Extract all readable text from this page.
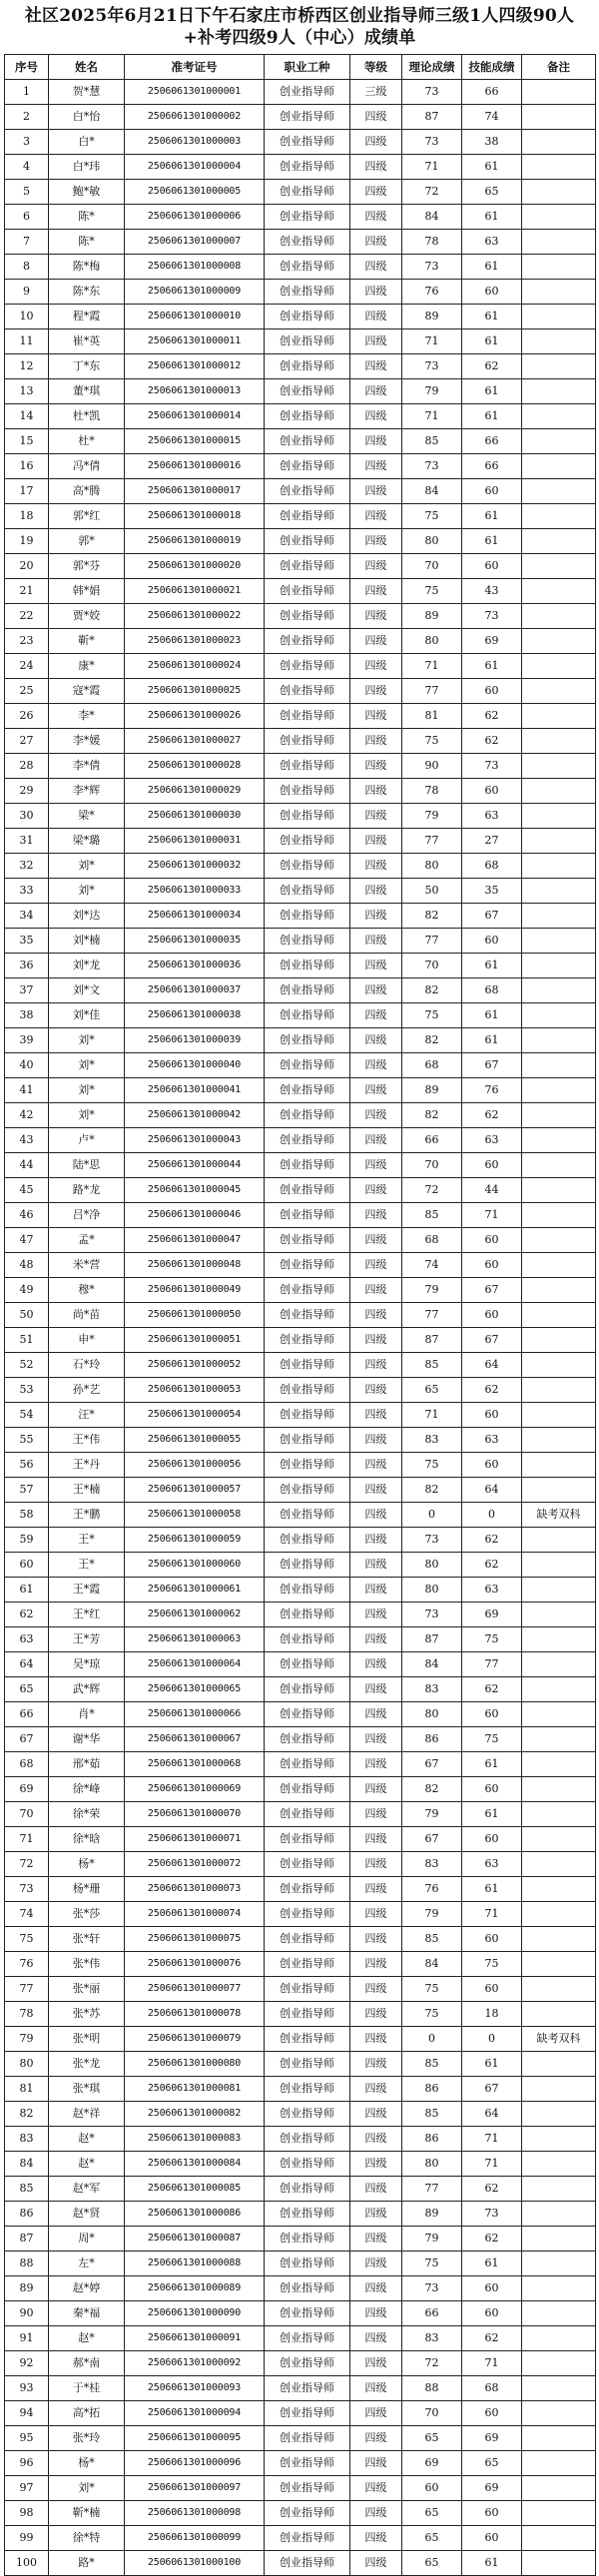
社区2025年6月21日下午石家庄市桥西区创业指导师三级1人四级90人
+补考四级9人（中心）成绩单
序号	姓名	准考证号	职业工种	等级	理论成绩	技能成绩	备注
1	贺*慧	2506061301000001	创业指导师	三级	73	66	
2	白*怡	2506061301000002	创业指导师	四级	87	74	
3	白*	2506061301000003	创业指导师	四级	73	38	
4	白*玮	2506061301000004	创业指导师	四级	71	61	
5	鲍*敏	2506061301000005	创业指导师	四级	72	65	
6	陈*	2506061301000006	创业指导师	四级	84	61	
7	陈*	2506061301000007	创业指导师	四级	78	63	
8	陈*梅	2506061301000008	创业指导师	四级	73	61	
9	陈*东	2506061301000009	创业指导师	四级	76	60	
10	程*霞	2506061301000010	创业指导师	四级	89	61	
11	崔*英	2506061301000011	创业指导师	四级	71	61	
12	丁*东	2506061301000012	创业指导师	四级	73	62	
13	董*琪	2506061301000013	创业指导师	四级	79	61	
14	杜*凯	2506061301000014	创业指导师	四级	71	61	
15	杜*	2506061301000015	创业指导师	四级	85	66	
16	冯*倩	2506061301000016	创业指导师	四级	73	66	
17	高*腾	2506061301000017	创业指导师	四级	84	60	
18	郭*红	2506061301000018	创业指导师	四级	75	61	
19	郭*	2506061301000019	创业指导师	四级	80	61	
20	郭*芬	2506061301000020	创业指导师	四级	70	60	
21	韩*娟	2506061301000021	创业指导师	四级	75	43	
22	贾*姣	2506061301000022	创业指导师	四级	89	73	
23	靳*	2506061301000023	创业指导师	四级	80	69	
24	康*	2506061301000024	创业指导师	四级	71	61	
25	寇*霞	2506061301000025	创业指导师	四级	77	60	
26	李*	2506061301000026	创业指导师	四级	81	62	
27	李*媛	2506061301000027	创业指导师	四级	75	62	
28	李*倩	2506061301000028	创业指导师	四级	90	73	
29	李*辉	2506061301000029	创业指导师	四级	78	60	
30	梁*	2506061301000030	创业指导师	四级	79	63	
31	梁*璐	2506061301000031	创业指导师	四级	77	27	
32	刘*	2506061301000032	创业指导师	四级	80	68	
33	刘*	2506061301000033	创业指导师	四级	50	35	
34	刘*达	2506061301000034	创业指导师	四级	82	67	
35	刘*楠	2506061301000035	创业指导师	四级	77	60	
36	刘*龙	2506061301000036	创业指导师	四级	70	61	
37	刘*文	2506061301000037	创业指导师	四级	82	68	
38	刘*佳	2506061301000038	创业指导师	四级	75	61	
39	刘*	2506061301000039	创业指导师	四级	82	61	
40	刘*	2506061301000040	创业指导师	四级	68	67	
41	刘*	2506061301000041	创业指导师	四级	89	76	
42	刘*	2506061301000042	创业指导师	四级	82	62	
43	卢*	2506061301000043	创业指导师	四级	66	63	
44	陆*思	2506061301000044	创业指导师	四级	70	60	
45	路*龙	2506061301000045	创业指导师	四级	72	44	
46	吕*净	2506061301000046	创业指导师	四级	85	71	
47	孟*	2506061301000047	创业指导师	四级	68	60	
48	米*营	2506061301000048	创业指导师	四级	74	60	
49	穆*	2506061301000049	创业指导师	四级	79	67	
50	尚*苗	2506061301000050	创业指导师	四级	77	60	
51	申*	2506061301000051	创业指导师	四级	87	67	
52	石*玲	2506061301000052	创业指导师	四级	85	64	
53	孙*艺	2506061301000053	创业指导师	四级	65	62	
54	汪*	2506061301000054	创业指导师	四级	71	60	
55	王*伟	2506061301000055	创业指导师	四级	83	63	
56	王*丹	2506061301000056	创业指导师	四级	75	60	
57	王*楠	2506061301000057	创业指导师	四级	82	64	
58	王*鹏	2506061301000058	创业指导师	四级	0	0	缺考双科
59	王*	2506061301000059	创业指导师	四级	73	62	
60	王*	2506061301000060	创业指导师	四级	80	62	
61	王*霞	2506061301000061	创业指导师	四级	80	63	
62	王*红	2506061301000062	创业指导师	四级	73	69	
63	王*芳	2506061301000063	创业指导师	四级	87	75	
64	吴*琼	2506061301000064	创业指导师	四级	84	77	
65	武*辉	2506061301000065	创业指导师	四级	83	62	
66	肖*	2506061301000066	创业指导师	四级	80	60	
67	谢*华	2506061301000067	创业指导师	四级	86	75	
68	邢*茹	2506061301000068	创业指导师	四级	67	61	
69	徐*峰	2506061301000069	创业指导师	四级	82	60	
70	徐*荣	2506061301000070	创业指导师	四级	79	61	
71	徐*晗	2506061301000071	创业指导师	四级	67	60	
72	杨*	2506061301000072	创业指导师	四级	83	63	
73	杨*珊	2506061301000073	创业指导师	四级	76	61	
74	张*莎	2506061301000074	创业指导师	四级	79	71	
75	张*轩	2506061301000075	创业指导师	四级	85	60	
76	张*伟	2506061301000076	创业指导师	四级	84	75	
77	张*丽	2506061301000077	创业指导师	四级	75	60	
78	张*苏	2506061301000078	创业指导师	四级	75	18	
79	张*明	2506061301000079	创业指导师	四级	0	0	缺考双科
80	张*龙	2506061301000080	创业指导师	四级	85	61	
81	张*琪	2506061301000081	创业指导师	四级	86	67	
82	赵*祥	2506061301000082	创业指导师	四级	85	64	
83	赵*	2506061301000083	创业指导师	四级	86	71	
84	赵*	2506061301000084	创业指导师	四级	80	71	
85	赵*军	2506061301000085	创业指导师	四级	77	62	
86	赵*贤	2506061301000086	创业指导师	四级	89	73	
87	周*	2506061301000087	创业指导师	四级	79	62	
88	左*	2506061301000088	创业指导师	四级	75	61	
89	赵*婷	2506061301000089	创业指导师	四级	73	60	
90	秦*福	2506061301000090	创业指导师	四级	66	60	
91	赵*	2506061301000091	创业指导师	四级	83	62	
92	郝*南	2506061301000092	创业指导师	四级	72	71	
93	于*桂	2506061301000093	创业指导师	四级	88	68	
94	高*拓	2506061301000094	创业指导师	四级	70	60	
95	张*玲	2506061301000095	创业指导师	四级	65	69	
96	杨*	2506061301000096	创业指导师	四级	69	65	
97	刘*	2506061301000097	创业指导师	四级	60	69	
98	靳*楠	2506061301000098	创业指导师	四级	65	60	
99	徐*特	2506061301000099	创业指导师	四级	65	60	
100	路*	2506061301000100	创业指导师	四级	65	61	
